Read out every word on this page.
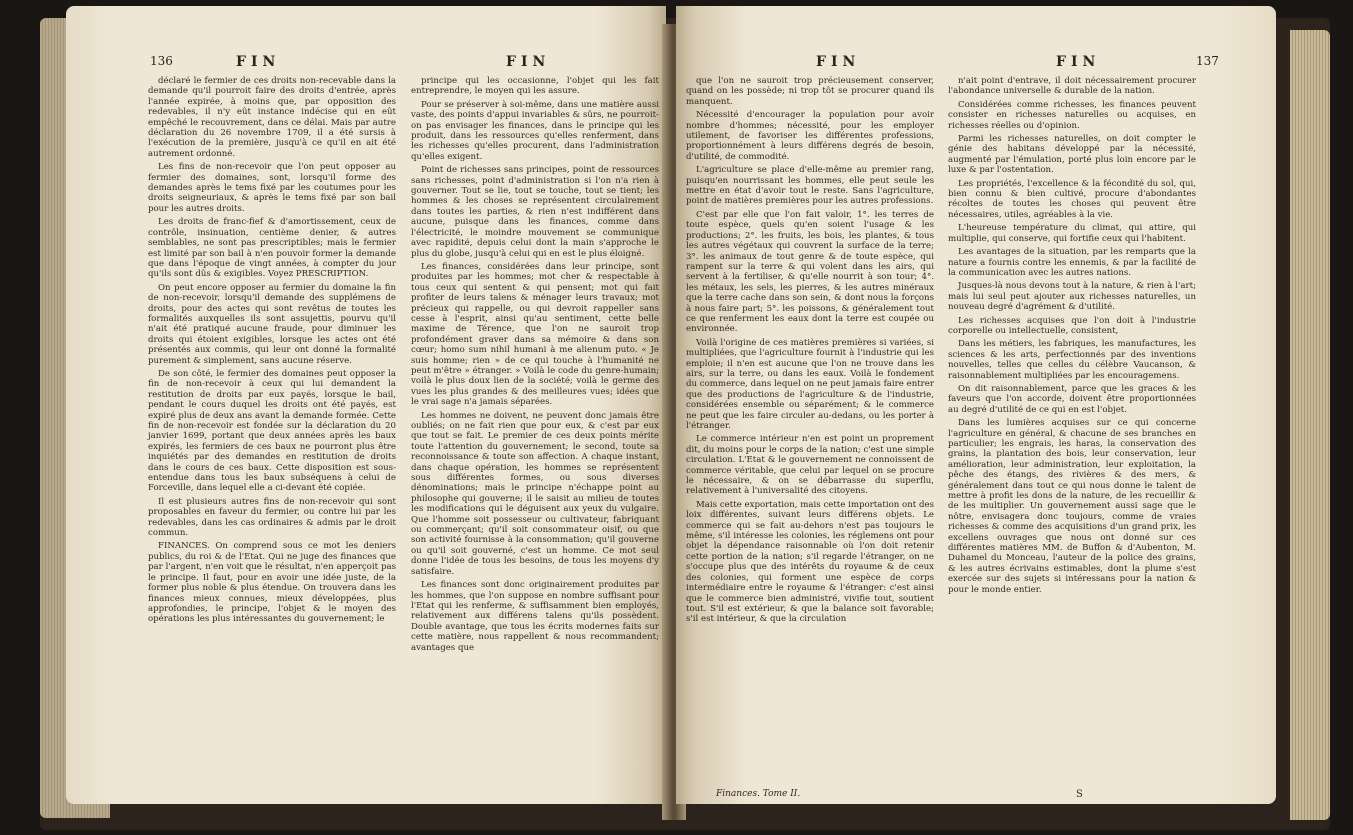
136	FIN	FIN

déclaré le fermier de ces droits non-recevable dans la demande qu'il pourroit faire des droits d'entrée, après l'année expirée, à moins que, par opposition des redevables, il n'y eût instance indécise qui en eût empêché le recouvrement, dans ce délai. Mais par autre déclaration du 26 novembre 1709, il a été sursis à l'exécution de la première, jusqu'à ce qu'il en ait été autrement ordonné.

Les fins de non-recevoir que l'on peut opposer au fermier des domaines, sont, lorsqu'il forme des demandes après le tems fixé par les coutumes pour les droits seigneuriaux, & après le tems fixé par son bail pour les autres droits.

Les droits de franc-fief & d'amortissement, ceux de contrôle, insinuation, centième denier, & autres semblables, ne sont pas prescriptibles; mais le fermier est limité par son bail à n'en pouvoir former la demande que dans l'époque de vingt années, à compter du jour qu'ils sont dûs & exigibles. Voyez PRESCRIPTION.

On peut encore opposer au fermier du domaine la fin de non-recevoir, lorsqu'il demande des supplémens de droits, pour des actes qui sont revêtus de toutes les formalités auxquelles ils sont assujettis, pourvu qu'il n'ait été pratiqué aucune fraude, pour diminuer les droits qui étoient exigibles, lorsque les actes ont été présentés aux commis, qui leur ont donné la formalité purement & simplement, sans aucune réserve.

De son côté, le fermier des domaines peut opposer la fin de non-recevoir à ceux qui lui demandent la restitution de droits par eux payés, lorsque le bail, pendant le cours duquel les droits ont été payés, est expiré plus de deux ans avant la demande formée. Cette fin de non-recevoir est fondée sur la déclaration du 20 janvier 1699, portant que deux années après les baux expirés, les fermiers de ces baux ne pourront plus être inquiétés par des demandes en restitution de droits dans le cours de ces baux. Cette disposition est sous-entendue dans tous les baux subséquens à celui de Forceville, dans lequel elle a ci-devant été copiée.

Il est plusieurs autres fins de non-recevoir qui sont proposables en faveur du fermier, ou contre lui par les redevables, dans les cas ordinaires & admis par le droit commun.

FINANCES. On comprend sous ce mot les deniers publics, du roi & de l'Etat. Qui ne juge des finances que par l'argent, n'en voit que le résultat, n'en apperçoit pas le principe. Il faut, pour en avoir une idée juste, de la former plus noble & plus étendue. On trouvera dans les finances mieux connues, mieux développées, plus approfondies, le principe, l'objet & le moyen des opérations les plus intéressantes du gouvernement; le

principe qui les occasionne, l'objet qui les fait entreprendre, le moyen qui les assure.

Pour se préserver à soi-même, dans une matière aussi vaste, des points d'appui invariables & sûrs, ne pourroit-on pas envisager les finances, dans le principe qui les produit, dans les ressources qu'elles renferment, dans les richesses qu'elles procurent, dans l'administration qu'elles exigent.

Point de richesses sans principes, point de ressources sans richesses, point d'administration si l'on n'a rien à gouverner. Tout se lie, tout se touche, tout se tient; les hommes & les choses se représentent circulairement dans toutes les parties, & rien n'est indifférent dans aucune, puisque dans les finances, comme dans l'électricité, le moindre mouvement se communique avec rapidité, depuis celui dont la main s'approche le plus du globe, jusqu'à celui qui en est le plus éloigné.

Les finances, considérées dans leur principe, sont produites par les hommes; mot cher & respectable à tous ceux qui sentent & qui pensent; mot qui fait profiter de leurs talens & ménager leurs travaux; mot précieux qui rappelle, ou qui devroit rappeller sans cesse à l'esprit, ainsi qu'au sentiment, cette belle maxime de Térence, que l'on ne sauroit trop profondément graver dans sa mémoire & dans son cœur; homo sum nihil humani à me alienum puto. « Je suis homme; rien » de ce qui touche à l'humanité ne peut m'être » étranger. » Voilà le code du genre-humain; voilà le plus doux lien de la société; voilà le germe des vues les plus grandes & des meilleures vues; idées que le vrai sage n'a jamais séparées.

Les hommes ne doivent, ne peuvent donc jamais être oubliés; on ne fait rien que pour eux, & c'est par eux que tout se fait. Le premier de ces deux points mérite toute l'attention du gouvernement; le second, toute sa reconnoissance & toute son affection. A chaque instant, dans chaque opération, les hommes se représentent sous différentes formes, ou sous diverses dénominations; mais le principe n'échappe point au philosophe qui gouverne; il le saisit au milieu de toutes les modifications qui le déguisent aux yeux du vulgaire. Que l'homme soit possesseur ou cultivateur, fabriquant ou commerçant; qu'il soit consommateur oisif, ou que son activité fournisse à la consommation; qu'il gouverne ou qu'il soit gouverné, c'est un homme. Ce mot seul donne l'idée de tous les besoins, de tous les moyens d'y satisfaire.

Les finances sont donc originairement produites par les hommes, que l'on suppose en nombre suffisant pour l'Etat qui les renferme, & suffisamment bien employés, relativement aux différens talens qu'ils possèdent. Double avantage, que tous les écrits modernes faits sur cette matière, nous rappellent & nous recommandent; avantages que

FIN	FIN	137

que l'on ne sauroit trop précieusement conserver, quand on les possède; ni trop tôt se procurer quand ils manquent.

Nécessité d'encourager la population pour avoir nombre d'hommes; nécessité, pour les employer utilement, de favoriser les différentes professions, proportionnément à leurs différens degrés de besoin, d'utilité, de commodité.

L'agriculture se place d'elle-même au premier rang, puisqu'en nourrissant les hommes, elle peut seule les mettre en état d'avoir tout le reste. Sans l'agriculture, point de matières premières pour les autres professions.

C'est par elle que l'on fait valoir, 1°. les terres de toute espèce, quels qu'en soient l'usage & les productions; 2°. les fruits, les bois, les plantes, & tous les autres végétaux qui couvrent la surface de la terre; 3°. les animaux de tout genre & de toute espèce, qui rampent sur la terre & qui volent dans les airs, qui servent à la fertiliser, & qu'elle nourrit à son tour; 4°. les métaux, les sels, les pierres, & les autres minéraux que la terre cache dans son sein, & dont nous la forçons à nous faire part; 5°. les poissons, & généralement tout ce que renferment les eaux dont la terre est coupée ou environnée.

Voilà l'origine de ces matières premières si variées, si multipliées, que l'agriculture fournit à l'industrie qui les emploie; il n'en est aucune que l'on ne trouve dans les airs, sur la terre, ou dans les eaux. Voilà le fondement du commerce, dans lequel on ne peut jamais faire entrer que des productions de l'agriculture & de l'industrie, considérées ensemble ou séparément; & le commerce ne peut que les faire circuler au-dedans, ou les porter à l'étranger.

Le commerce intérieur n'en est point un proprement dit, du moins pour le corps de la nation; c'est une simple circulation. L'Etat & le gouvernement ne connoissent de commerce véritable, que celui par lequel on se procure le nécessaire, & on se débarrasse du superflu, relativement à l'universalité des citoyens.

Mais cette exportation, mais cette importation ont des loix différentes, suivant leurs différens objets. Le commerce qui se fait au-dehors n'est pas toujours le même, s'il intéresse les colonies, les réglemens ont pour objet la dépendance raisonnable où l'on doit retenir cette portion de la nation; s'il regarde l'étranger, on ne s'occupe plus que des intérêts du royaume & de ceux des colonies, qui forment une espèce de corps intermédiaire entre le royaume & l'étranger: c'est ainsi que le commerce bien administré, vivifie tout, soutient tout. S'il est extérieur, & que la balance soit favorable; s'il est intérieur, & que la circulation

n'ait point d'entrave, il doit nécessairement procurer l'abondance universelle & durable de la nation.

Considérées comme richesses, les finances peuvent consister en richesses naturelles ou acquises, en richesses réelles ou d'opinion.

Parmi les richesses naturelles, on doit compter le génie des habitans développé par la nécessité, augmenté par l'émulation, porté plus loin encore par le luxe & par l'ostentation.

Les propriétés, l'excellence & la fécondité du sol, qui, bien connu & bien cultivé, procure d'abondantes récoltes de toutes les choses qui peuvent être nécessaires, utiles, agréables à la vie.

L'heureuse température du climat, qui attire, qui multiplie, qui conserve, qui fortifie ceux qui l'habitent.

Les avantages de la situation, par les remparts que la nature a fournis contre les ennemis, & par la facilité de la communication avec les autres nations.

Jusques-là nous devons tout à la nature, & rien à l'art; mais lui seul peut ajouter aux richesses naturelles, un nouveau degré d'agrément & d'utilité.

Les richesses acquises que l'on doit à l'industrie corporelle ou intellectuelle, consistent,

Dans les métiers, les fabriques, les manufactures, les sciences & les arts, perfectionnés par des inventions nouvelles, telles que celles du célèbre Vaucanson, & raisonnablement multipliées par les encouragemens.

On dit raisonnablement, parce que les graces & les faveurs que l'on accorde, doivent être proportionnées au degré d'utilité de ce qui en est l'objet.

Dans les lumières acquises sur ce qui concerne l'agriculture en général, & chacune de ses branches en particulier; les engrais, les haras, la conservation des grains, la plantation des bois, leur conservation, leur amélioration, leur administration, leur exploitation, la pêche des étangs, des rivières & des mers, & généralement dans tout ce qui nous donne le talent de mettre à profit les dons de la nature, de les recueillir & de les multiplier. Un gouvernement aussi sage que le nôtre, envisagera donc toujours, comme de vraies richesses & comme des acquisitions d'un grand prix, les excellens ouvrages que nous ont donné sur ces différentes matières MM. de Buffon & d'Aubenton, M. Duhamel du Monceau, l'auteur de la police des grains, & les autres écrivains estimables, dont la plume s'est exercée sur des sujets si intéressans pour la nation & pour le monde entier.

Finances. Tome II.	S
